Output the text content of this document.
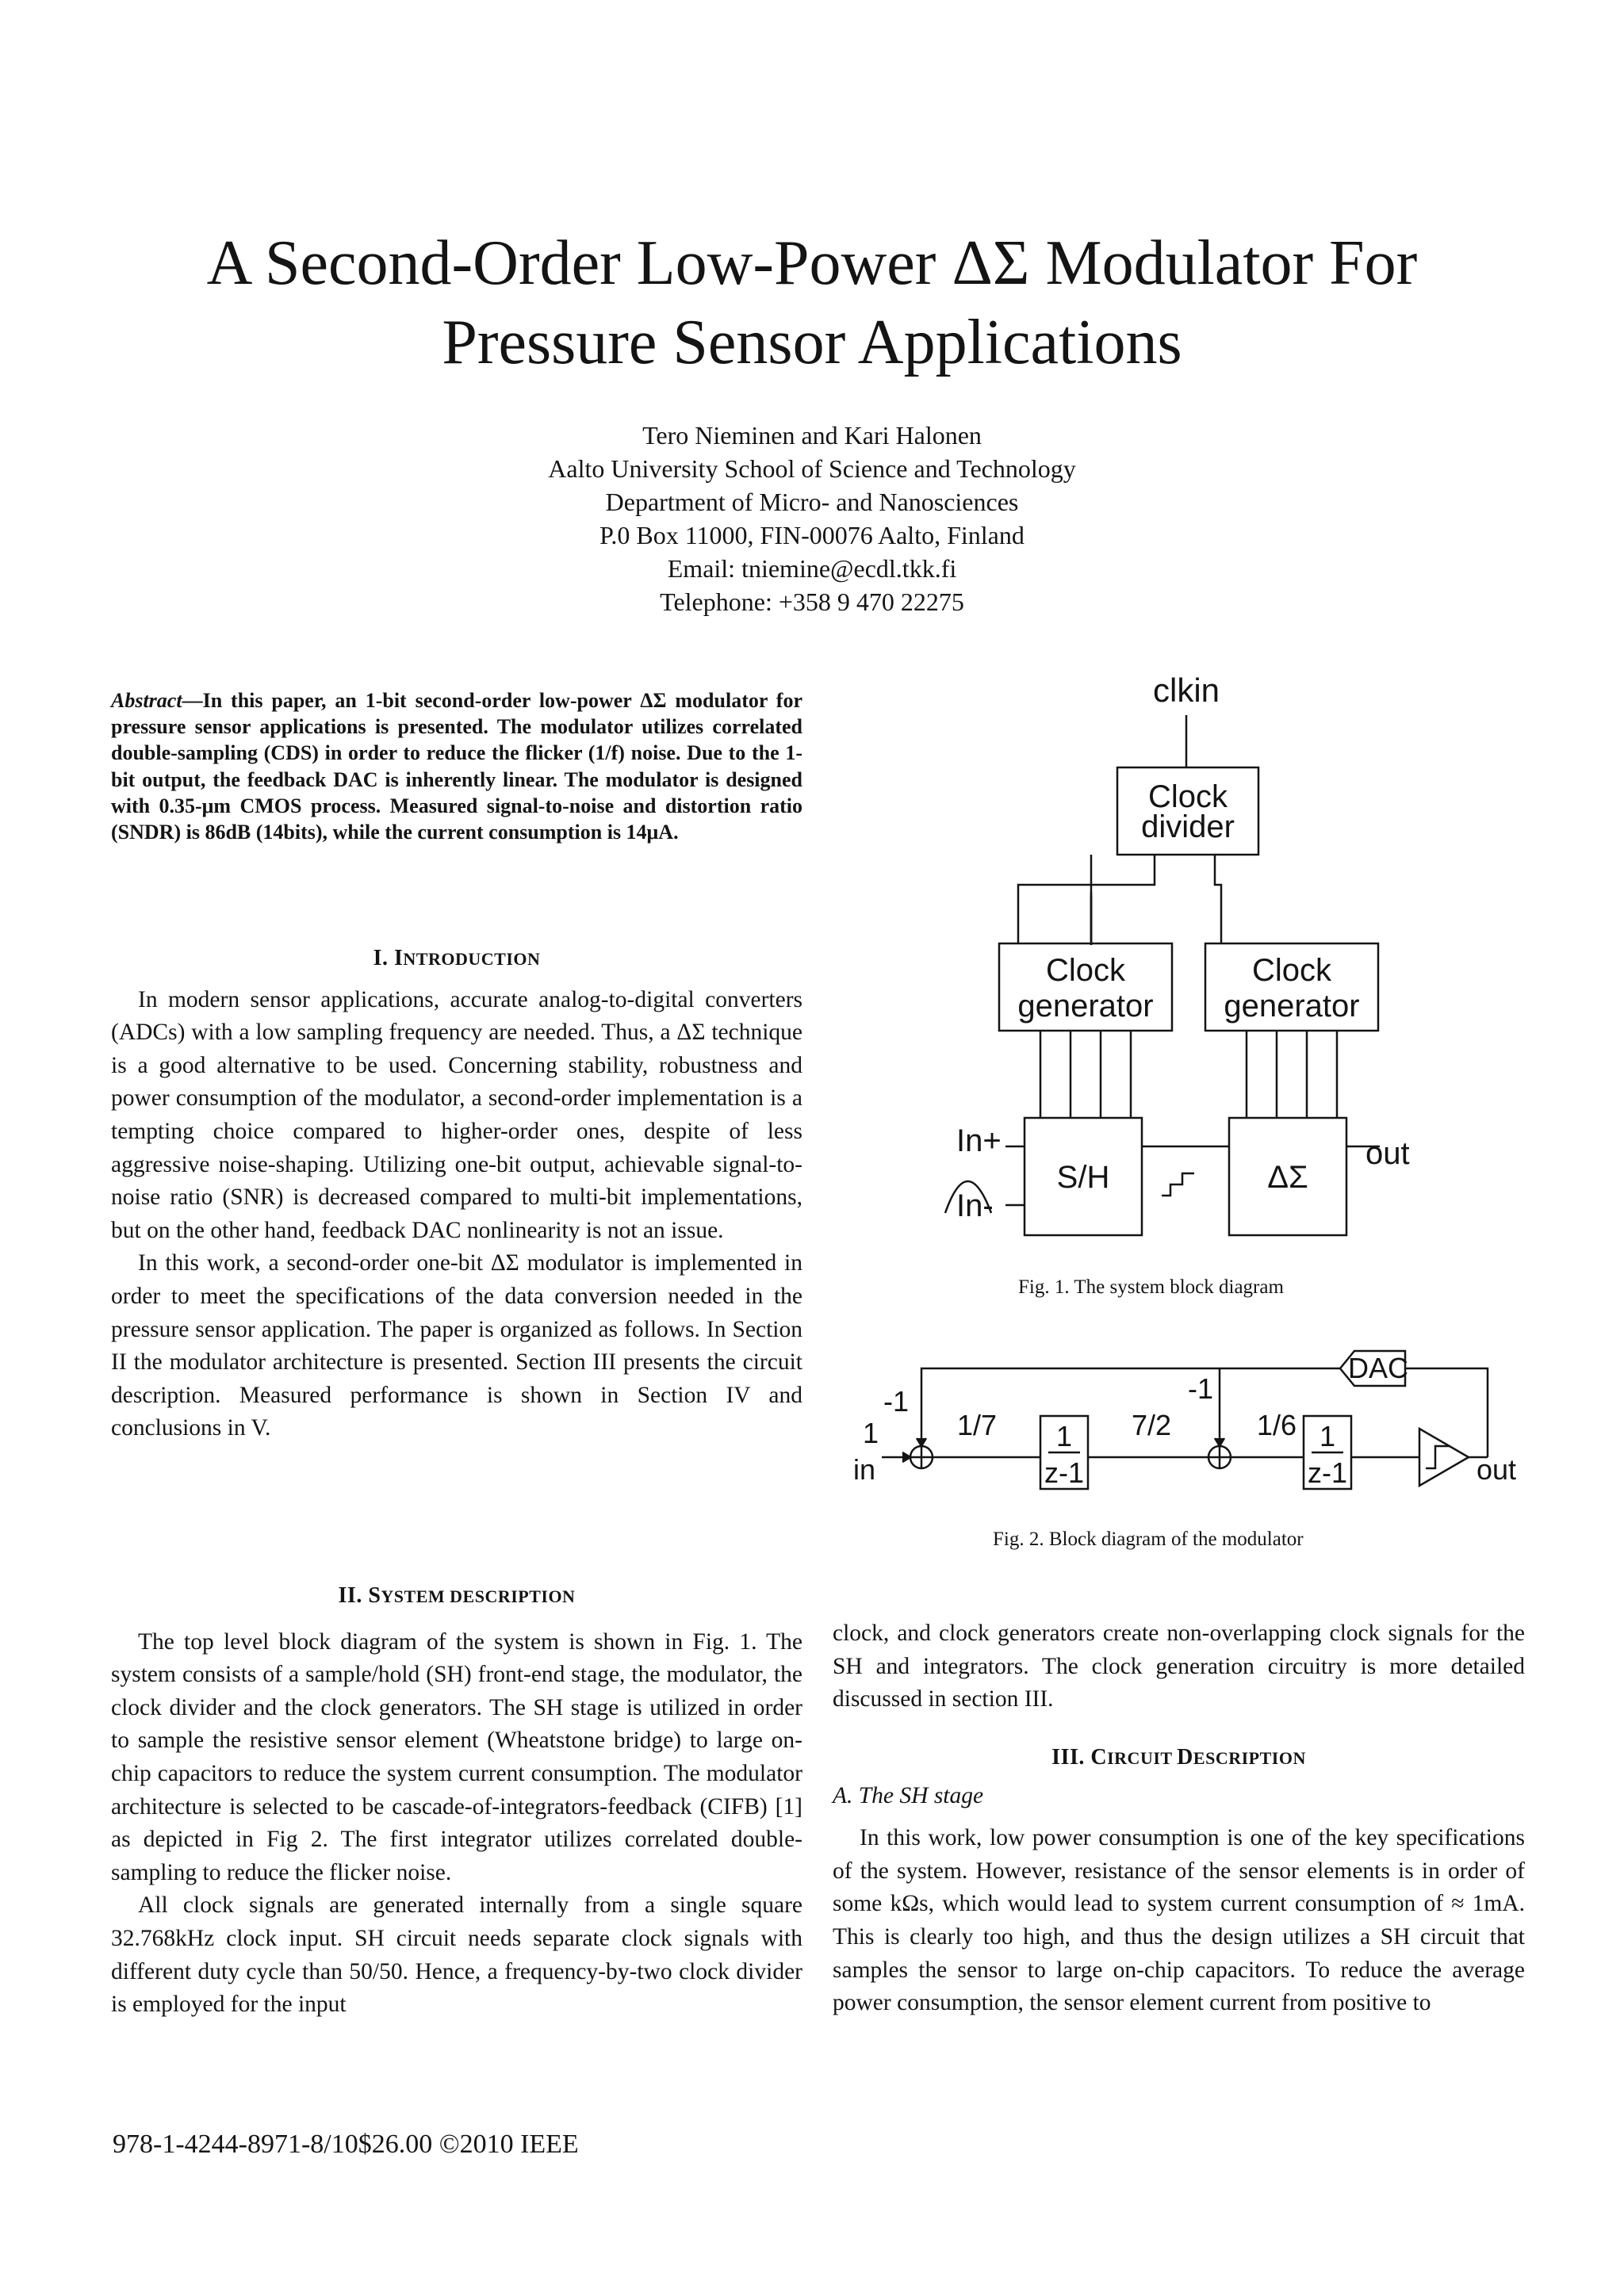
A Second-Order Low-Power ΔΣ Modulator For
Pressure Sensor Applications
Tero Nieminen and Kari Halonen
Aalto University School of Science and Technology
Department of Micro- and Nanosciences
P.0 Box 11000, FIN-00076 Aalto, Finland
Email: tniemine@ecdl.tkk.fi
Telephone: +358 9 470 22275
Abstract—In this paper, an 1-bit second-order low-power ΔΣ modulator for pressure sensor applications is presented. The modulator utilizes correlated double-sampling (CDS) in order to reduce the flicker (1/f) noise. Due to the 1-bit output, the feedback DAC is inherently linear. The modulator is designed with 0.35-μm CMOS process. Measured signal-to-noise and distortion ratio (SNDR) is 86dB (14bits), while the current consumption is 14μA.
I. INTRODUCTION

In modern sensor applications, accurate analog-to-digital converters (ADCs) with a low sampling frequency are needed. Thus, a ΔΣ technique is a good alternative to be used. Concerning stability, robustness and power consumption of the modulator, a second-order implementation is a tempting choice compared to higher-order ones, despite of less aggressive noise-shaping. Utilizing one-bit output, achievable signal-to-noise ratio (SNR) is decreased compared to multi-bit implementations, but on the other hand, feedback DAC nonlinearity is not an issue.

In this work, a second-order one-bit ΔΣ modulator is implemented in order to meet the specifications of the data conversion needed in the pressure sensor application. The paper is organized as follows. In Section II the modulator architecture is presented. Section III presents the circuit description. Measured performance is shown in Section IV and conclusions in V.

II. SYSTEM DESCRIPTION

The top level block diagram of the system is shown in Fig. 1. The system consists of a sample/hold (SH) front-end stage, the modulator, the clock divider and the clock generators. The SH stage is utilized in order to sample the resistive sensor element (Wheatstone bridge) to large on-chip capacitors to reduce the system current consumption. The modulator architecture is selected to be cascade-of-integrators-feedback (CIFB) [1] as depicted in Fig 2. The first integrator utilizes correlated double-sampling to reduce the flicker noise.

All clock signals are generated internally from a single square 32.768kHz clock input. SH circuit needs separate clock signals with different duty cycle than 50/50. Hence, a frequency-by-two clock divider is employed for the input

clkin
Clock
divider
Clock
generator
Clock
generator
In+
In-
S/H	ΔΣ
out
Fig. 1. The system block diagram
DAC
-1	-1
1
in
1/7 1
z-1
7/2	1/6 1
z-1	out
Fig. 2. Block diagram of the modulator
clock, and clock generators create non-overlapping clock signals for the SH and integrators. The clock generation circuitry is more detailed discussed in section III.
III. CIRCUIT DESCRIPTION
A. The SH stage

In this work, low power consumption is one of the key specifications of the system. However, resistance of the sensor elements is in order of some kΩs, which would lead to system current consumption of ≈ 1mA. This is clearly too high, and thus the design utilizes a SH circuit that samples the sensor to large on-chip capacitors. To reduce the average power consumption, the sensor element current from positive to

978-1-4244-8971-8/10$26.00 ©2010 IEEE
